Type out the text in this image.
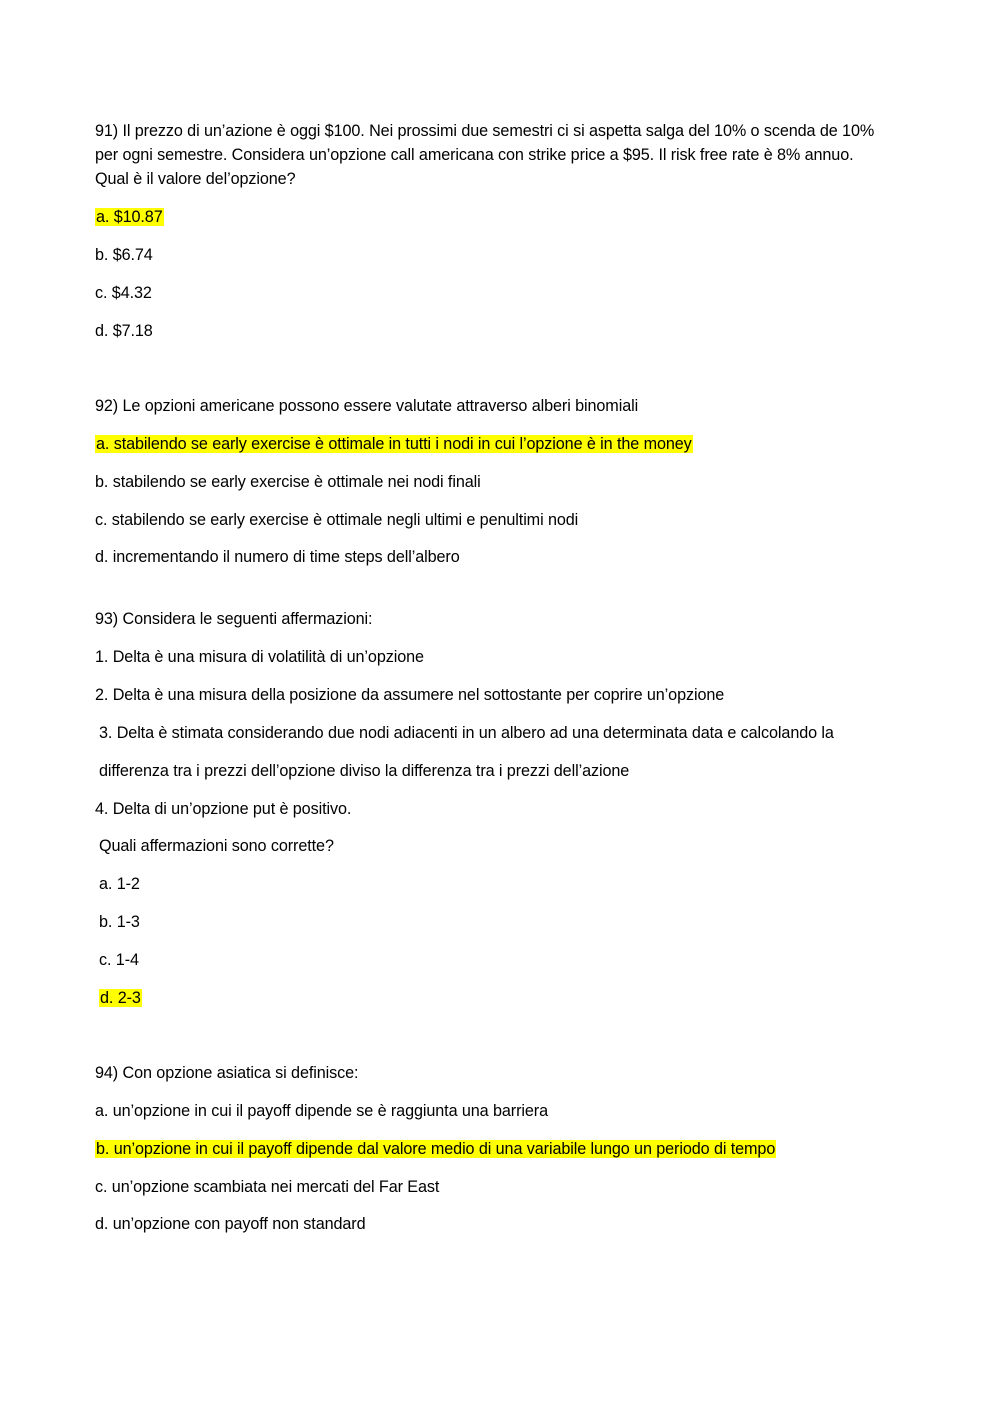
91) Il prezzo di un’azione è oggi $100. Nei prossimi due semestri ci si aspetta salga del 10% o scenda de 10%
per ogni semestre. Considera un’opzione call americana con strike price a $95. Il risk free rate è 8% annuo.
Qual è il valore del’opzione?
a. $10.87
b. $6.74
c. $4.32
d. $7.18
92) Le opzioni americane possono essere valutate attraverso alberi binomiali
a. stabilendo se early exercise è ottimale in tutti i nodi in cui l’opzione è in the money
b. stabilendo se early exercise è ottimale nei nodi finali
c. stabilendo se early exercise è ottimale negli ultimi e penultimi nodi
d. incrementando il numero di time steps dell’albero
93) Considera le seguenti affermazioni:
1. Delta è una misura di volatilità di un’opzione
2. Delta è una misura della posizione da assumere nel sottostante per coprire un’opzione
3. Delta è stimata considerando due nodi adiacenti in un albero ad una determinata data e calcolando la
differenza tra i prezzi dell’opzione diviso la differenza tra i prezzi dell’azione
4. Delta di un’opzione put è positivo.
Quali affermazioni sono corrette?
a. 1-2
b. 1-3
c. 1-4
d. 2-3
94) Con opzione asiatica si definisce:
a. un’opzione in cui il payoff dipende se è raggiunta una barriera
b. un’opzione in cui il payoff dipende dal valore medio di una variabile lungo un periodo di tempo
c. un’opzione scambiata nei mercati del Far East
d. un’opzione con payoff non standard
